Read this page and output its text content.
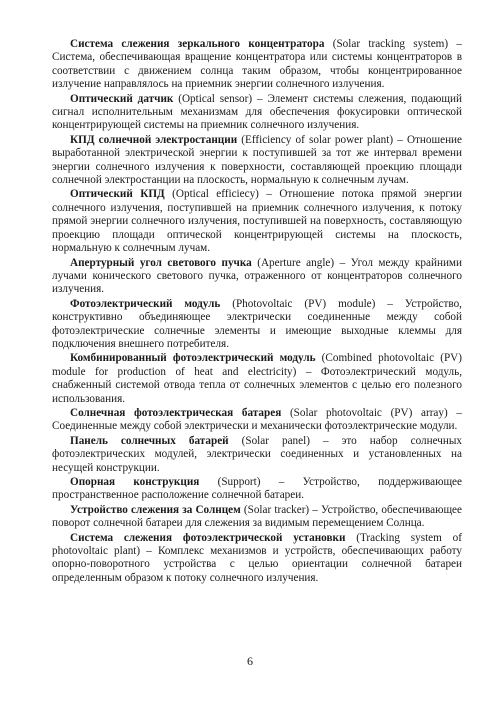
Система слежения зеркального концентратора (Solar tracking system) – Система, обеспечивающая вращение концентратора или системы концентраторов в соответствии с движением солнца таким образом, чтобы концентрированное излучение направлялось на приемник энергии солнечного излучения.

Оптический датчик (Optical sensor) – Элемент системы слежения, подающий сигнал исполнительным механизмам для обеспечения фокусировки оптической концентрирующей системы на приемник солнечного излучения.

КПД солнечной электростанции (Efficiency of solar power plant) – Отношение выработанной электрической энергии к поступившей за тот же интервал времени энергии солнечного излучения к поверхности, составляющей проекцию площади солнечной электростанции на плоскость, нормальную к солнечным лучам.

Оптический КПД (Optical efficiecy) – Отношение потока прямой энергии солнечного излучения, поступившей на приемник солнечного излучения, к потоку прямой энергии солнечного излучения, поступившей на поверхность, составляющую проекцию площади оптической концентрирующей системы на плоскость, нормальную к солнечным лучам.

Апертурный угол светового пучка (Aperture angle) – Угол между крайними лучами конического светового пучка, отраженного от концентраторов солнечного излучения.

Фотоэлектрический модуль (Photovoltaic (PV) module) – Устройство, конструктивно объединяющее электрически соединенные между собой фотоэлектрические солнечные элементы и имеющие выходные клеммы для подключения внешнего потребителя.

Комбинированный фотоэлектрический модуль (Combined photovoltaic (PV) module for production of heat and electricity) – Фотоэлектрический модуль, снабженный системой отвода тепла от солнечных элементов с целью его полезного использования.

Солнечная фотоэлектрическая батарея (Solar photovoltaic (PV) array) – Соединенные между собой электрически и механически фотоэлектрические модули.

Панель солнечных батарей (Solar panel) – это набор солнечных фотоэлектрических модулей, электрически соединенных и установленных на несущей конструкции.

Опорная конструкция (Support) – Устройство, поддерживающее пространственное расположение солнечной батареи.

Устройство слежения за Солнцем (Solar tracker) – Устройство, обеспечивающее поворот солнечной батареи для слежения за видимым перемещением Солнца.

Система слежения фотоэлектрической установки (Tracking system of photovoltaic plant) – Комплекс механизмов и устройств, обеспечивающих работу опорно-поворотного устройства с целью ориентации солнечной батареи определенным образом к потоку солнечного излучения.

6
